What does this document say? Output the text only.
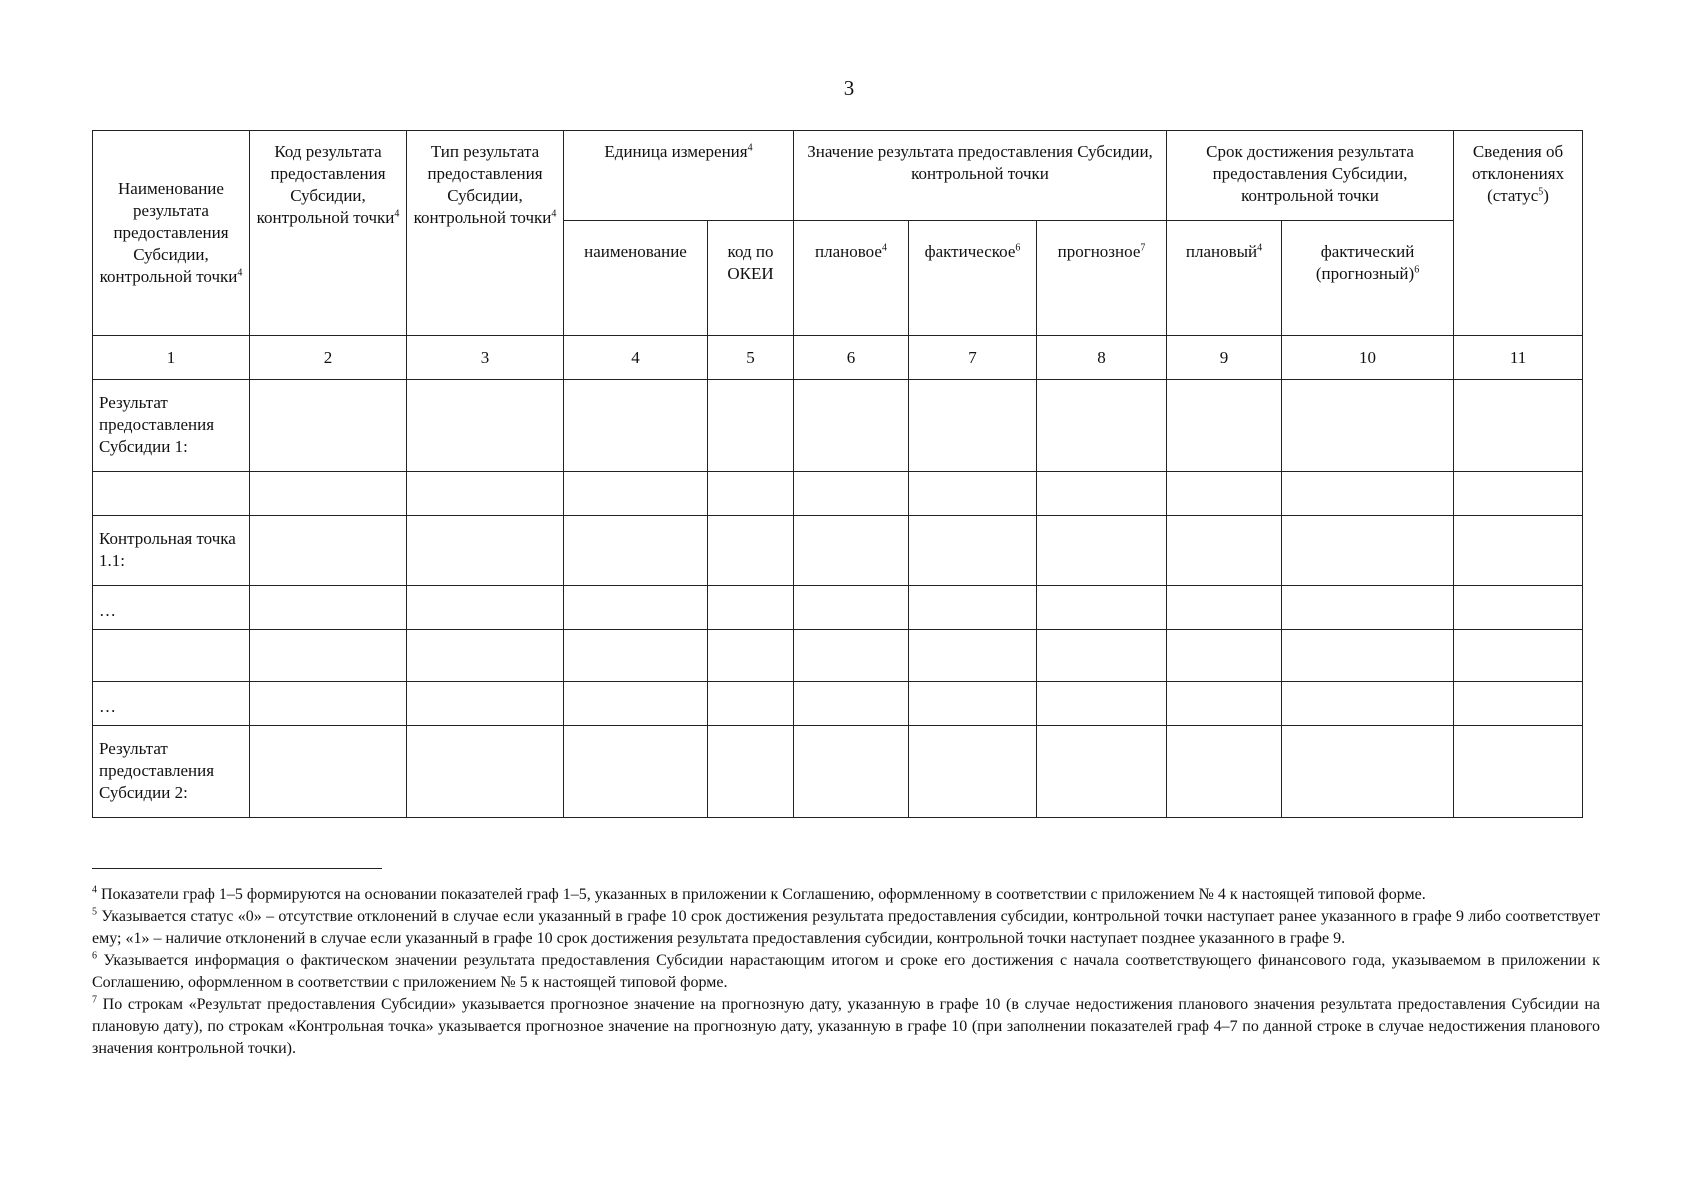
3
Наименование результата предоставления Субсидии, контрольной точки$^4$	Код результата предоставления Субсидии, контрольной точки$^4$	Тип результата предоставления Субсидии, контрольной точки$^4$	Единица измерения$^4$		Значение результата предоставления Субсидии, контрольной точки			Срок достижения результата предоставления Субсидии, контрольной точки		Сведения об отклонениях (статус$^5$)
			наименование	код по ОКЕИ	плановое$^4$	фактическое$^6$	прогнозное$^7$	плановый$^4$	фактический (прогнозный)$^6$
1	2	3	4	5	6	7	8	9	10	11
Результат предоставления Субсидии 1:										

Контрольная точка 1.1:										
…										

…										
Результат предоставления Субсидии 2:										

$^4$ Показатели граф 1–5 формируются на основании показателей граф 1–5, указанных в приложении к Соглашению, оформленному в соответствии с приложением № 4 к настоящей типовой форме.

$^5$ Указывается статус «0» – отсутствие отклонений в случае если указанный в графе 10 срок достижения результата предоставления субсидии, контрольной точки наступает ранее указанного в графе 9 либо соответствует ему; «1» – наличие отклонений в случае если указанный в графе 10 срок достижения результата предоставления субсидии, контрольной точки наступает позднее указанного в графе 9.

$^6$ Указывается информация о фактическом значении результата предоставления Субсидии нарастающим итогом и сроке его достижения с начала соответствующего финансового года, указываемом в приложении к Соглашению, оформленном в соответствии с приложением № 5 к настоящей типовой форме.

$^7$ По строкам «Результат предоставления Субсидии» указывается прогнозное значение на прогнозную дату, указанную в графе 10 (в случае недостижения планового значения результата предоставления Субсидии на плановую дату), по строкам «Контрольная точка» указывается прогнозное значение на прогнозную дату, указанную в графе 10 (при заполнении показателей граф 4–7 по данной строке в случае недостижения планового значения контрольной точки).
